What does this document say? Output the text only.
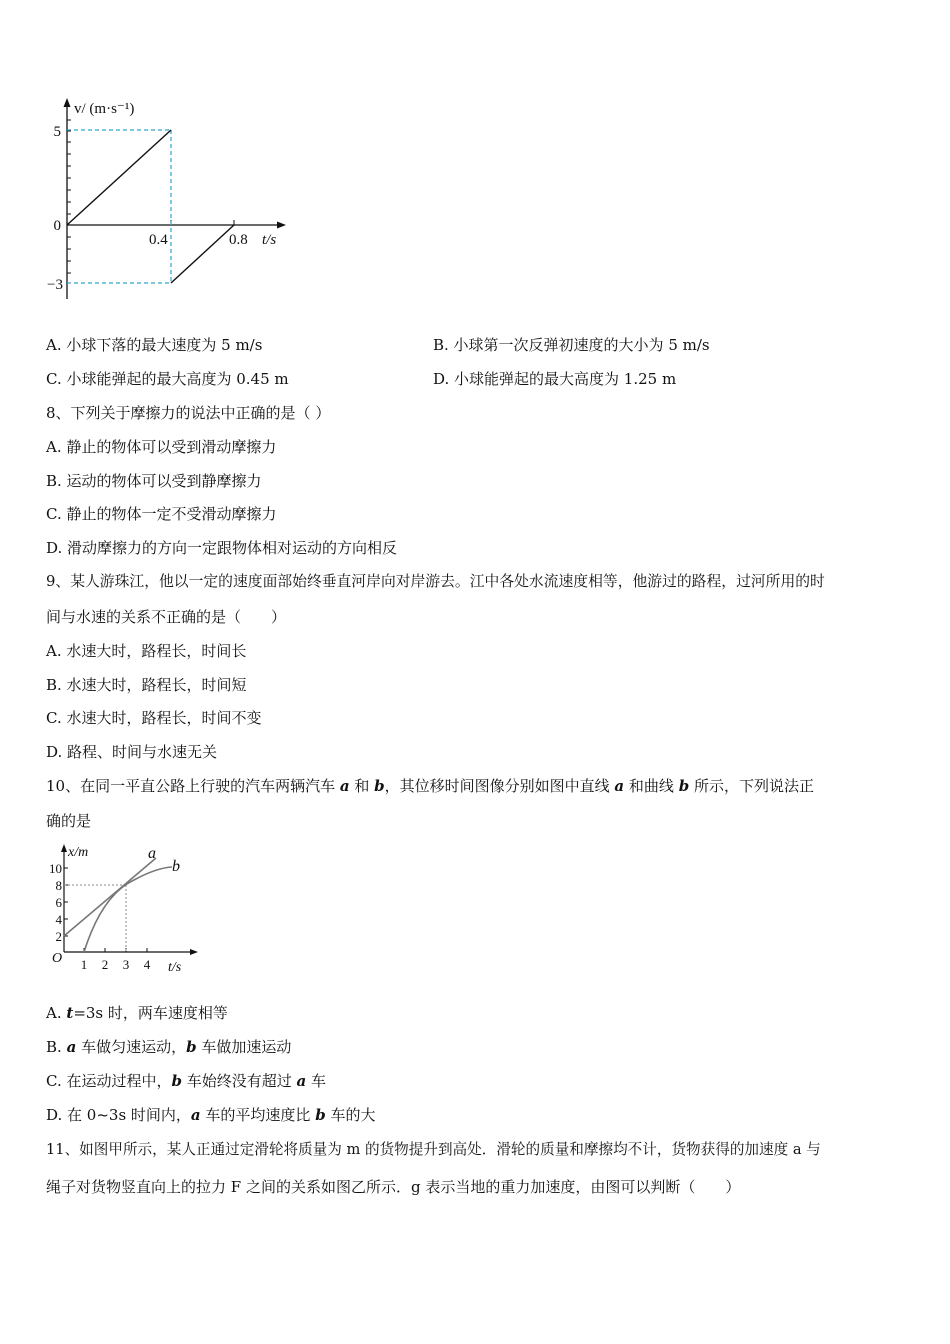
v/ (m·s⁻¹)
5
0
−3
0.4	0.8 t/s
A. 小球下落的最大速度为 5 m/s	B. 小球第一次反弹初速度的大小为 5 m/s
C. 小球能弹起的最大高度为 0.45 m	D. 小球能弹起的最大高度为 1.25 m
8、下列关于摩擦力的说法中正确的是（ ）
A. 静止的物体可以受到滑动摩擦力
B. 运动的物体可以受到静摩擦力
C. 静止的物体一定不受滑动摩擦力
D. 滑动摩擦力的方向一定跟物体相对运动的方向相反
9、某人游珠江，他以一定的速度面部始终垂直河岸向对岸游去。江中各处水流速度相等，他游过的路程，过河所用的时
间与水速的关系不正确的是（　　）
A. 水速大时，路程长，时间长
B. 水速大时，路程长，时间短
C. 水速大时，路程长，时间不变
D. 路程、时间与水速无关
10、在同一平直公路上行驶的汽车两辆汽车 a 和 b，其位移时间图像分别如图中直线 a 和曲线 b 所示，下列说法正
确的是
x/m	a
b
10
8
6
4
2
O 1 2 3 4 t/s
A. t=3s 时，两车速度相等
B. a 车做匀速运动，b 车做加速运动
C. 在运动过程中，b 车始终没有超过 a 车
D. 在 0~3s 时间内，a 车的平均速度比 b 车的大
11、如图甲所示，某人正通过定滑轮将质量为 m 的货物提升到高处．滑轮的质量和摩擦均不计，货物获得的加速度 a 与
绳子对货物竖直向上的拉力 F 之间的关系如图乙所示．g 表示当地的重力加速度，由图可以判断（　　）
